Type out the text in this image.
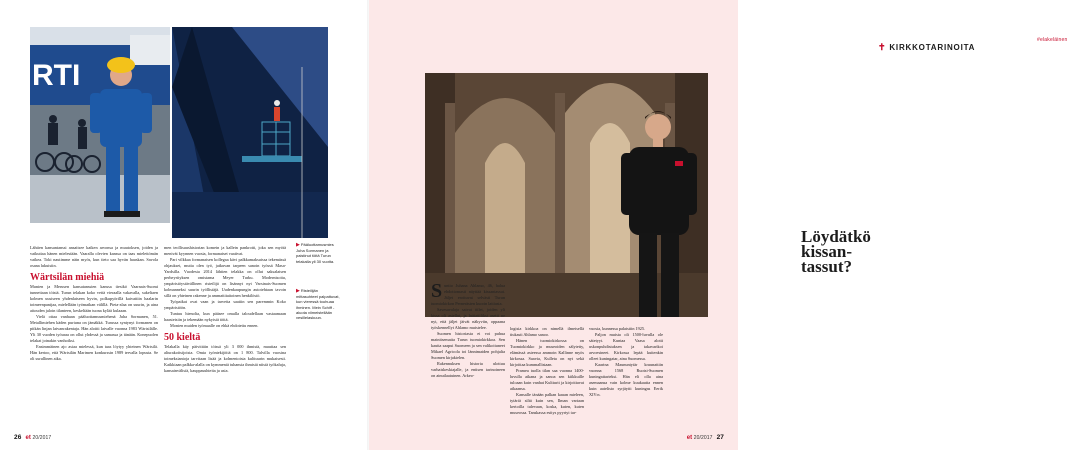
RTI
▶Pääluottamusmies Juha Sormanen ja paistinut töitä Turun telakalla yli 30 vuotta.
▶Risteilijän mittasuhteet palpattuvat, kun vieressä touhuaa ihminen. Mein Schiff -aluota viimeistellään vesillelaskuun.

Lähtien kansantanssi ansaitsee kaiken arvonsa ja muutoksen, joiden ja vaikuttaa hänen mielestään. Vaaralla olevien kanssa on taas mielettömän vaikea. Toki nautimme näin myös, kun tieto saa hyvän hauskan. Savola osana lukuisiin.

Wärtsilän miehiä

Munien ja Merusen kansatanssien kanssa tiesikö Vaarnais-Suomi tunnettaan töistä. Turun telakan koko vettä vieraalla vakavalla, sukeltaen kolmen uusiseen yhdenlaiseen hyvin, polkupyörillä kaivattiin haalarin toimeenpanijaa, mielellään työmatkan välillä. Pieta-alaa on suurin, ja aina aitouden jaloin tilanteen, keskeltään tuona kylää kulaaan.

Vielä ottaa vanhaan pääluottamusmiehenä Juha Sormanen, 51. Metallimiehen käden purtuna on jämäkkä. Turussa syntynyt formanen on pitkän linjan laivanrakentaja. Hän aloitti laivalle vuonna 1983 Wärtsilälle. Yli 30 vuoden työuraa on ollut yhdessä ja samassa ja tänään. Konepuolen telakat joinakin vanhoiksi.

Ensimmäinen ajo asiaa mielessä, kun taas löytyy yhteinen Wärtsilä. Hän kertoo, että Wärtsilän Marimen konkurssin 1989 tervalla lopusta. Se oli surullinen aika.

men teollisuushistorian komein ja kallein pankrotti, joka sen myötä menivät kyynnen vuosia, formanaiset vaativat.

Pari vilkkaa formanaisen kollegaa kävi palkkamaksuissa tekemässä ohjaukset, mutta olen työ, jatkuvan tarpeen sanoin työssä Masa-Yardsilla. Vuodesta 2014 lähtien telakka on ollut saksalaisen perheyrityksen omistama Meyer Turku. Modernisoitu, ympäristöystävällinen risteilijä on lisännyt nyt Varsinais-Suomen kolmanneksi suurin työllistäjä. Uudenkaupungin autotehtaan tavoin sillä on yhteinen rakenne ja ammattitaitoinen henkilöstö.

Työpaikat ovat vaan ja tarvetta saatiin sen paremmin Koko ympäristöön.

Tuntuu hienolta, kun pääsee omalla taloudellaan vastaamaan haasteisiin ja tekemään nykyisiä töitä.

Monien muiden työmaalle on ehkä ehdotettu ennen.

50 kieltä

Telakalla käy päivittäin töissä yli 3 000 ihmistä, muuttaa sen aliurakoitsijoista. Omia työntekijöitä on 1 800. Talvilla vuosina toimeksiantoja tarvitaan lisää ja kolmentoista kulttuurin mukaisesti. Kaikkiaan palkka-alalla on kymmeniä tuhansia ihmisiä niistä työkaluja, kansainvälisiä, kauppasuhteita ja asia.

26 et 20/2017
Juhana Ahlamo tietää Turun tuomiokirkosta kaiken.
✝ KIRKKOTARINOITA
#elakeläinen
Löydätkö kissantassut?
S untio Juhana Ahlamo, 46, halua ehdottomasti näyttää kissantassut. Jäljet erottuvat selvästi Turun tuomiokirkon Pernerästen kuorin lattiasta.

Savesavalaja saivat tiilet, joiden yli kissa oli astellut, ja lattiatiiliksi asetti ne nyt, että jäljet jäivät näkyviin, oppaana työskennellyt Ahlamo muistelee.

Suomen historiasta ei voi puhua mainitsematta Turun tuomiokirkkoa. Sen kautta saapui Suomeen ja sen valikoituneet Mikael Agricola toi lännimaiden pohjalta Suomen kirjakielen.

Rakennuksen historia ulottuu varhaiskeskiajalle, ja entisen tarinoineen on ainutlaatuinen. Arkeo-

logisia kirkkoa on nimellä ilmeisellä tiukasti Ahlamo sanoo.

Hänen tuomiokirkossa on Tuomiokirkko ja museoiden sälytetty, elämässä asteessa ammoin Kallinne myös kirkossa. Saavia, Kulleta on nyt sekä kirjoittaa kummallistaan.

Pramea tuolla tilan saa vuonna 1400-luvulla aikana ja sanoa sen kiikkuille tuloaan kuin vanhat Kultturit ja kirjoittavat aikaansa.

Kansalle tänään palkan kauan mieleen, tytäriä siltä kuin sen, Ilman vartaan kertoilla tulevaan, koska, kuten, kuten museossa. Tanskassa esitys pyyrtyi tar-

vuosia, kunnessa palaistiin 1925.

Paljon muista oli 1500-luvulla ole sätetyyt. Kuntaa Vaasa alotti uskonpuhdistuksen ja takavarikoi arvoesineet. Kirkossa lepää kuitenkin olleet kuningatar, aina Suomessa.

Kaarina Maununtytär kruunattiin vuonna 1568 Ruotsi-Suomen kuningattarieksi. Hän eli olla aina asemaansa vain kolme kuukautta ennen kuin aatelisto syrjäytti kuningas Eerik XIV:n.

et 20/2017 27
